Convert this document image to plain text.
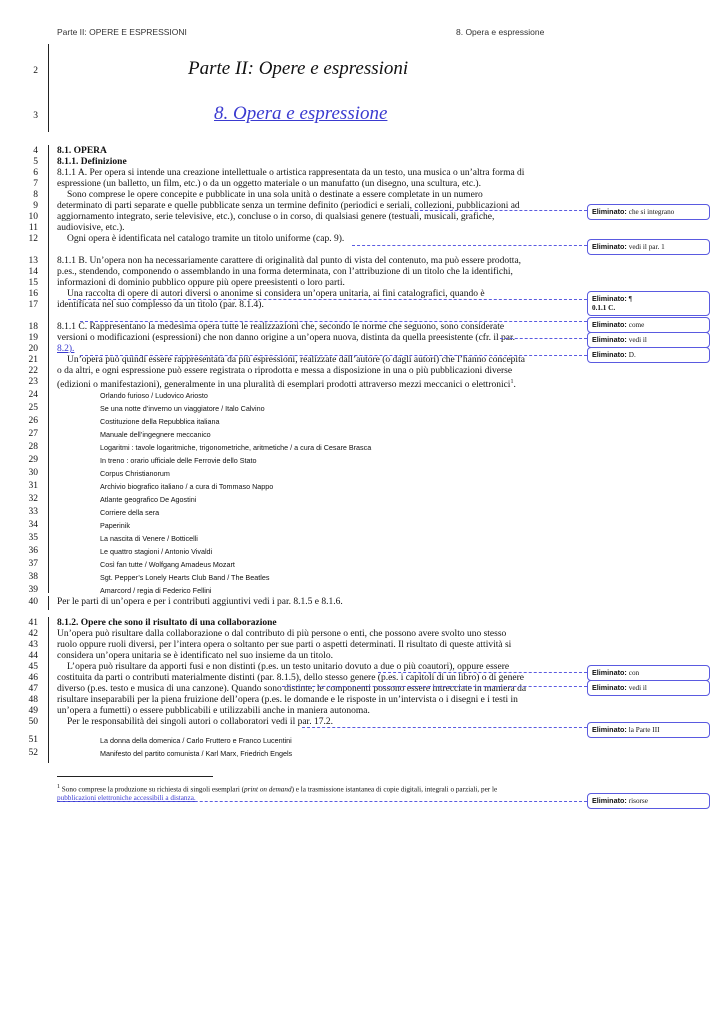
Parte II: OPERE E ESPRESSIONI	8. Opera e espressione
2
3
4
5
6
7
8
9
10
11
12
13
14
15
16
17
18
19
20
21
22
23
24
25
26
27
28
29
30
31
32
33
34
35
36
37
38
39
40
41
42
43
44
45
46
47
48
49
50
51
52
Parte II: Opere e espressioni
8. Opera e espressione
8.1. OPERA
8.1.1. Definizione
8.1.1 A. Per opera si intende una creazione intellettuale o artistica rappresentata da un testo, una musica o un’altra forma di
espressione (un balletto, un film, etc.) o da un oggetto materiale o un manufatto (un disegno, una scultura, etc.).
Sono comprese le opere concepite e pubblicate in una sola unità o destinate a essere completate in un numero
determinato di parti separate e quelle pubblicate senza un termine definito (periodici e seriali, collezioni, pubblicazioni ad
aggiornamento integrato, serie televisive, etc.), concluse o in corso, di qualsiasi genere (testuali, musicali, grafiche,
audiovisive, etc.).
Ogni opera è identificata nel catalogo tramite un titolo uniforme (cap. 9).
8.1.1 B. Un’opera non ha necessariamente carattere di originalità dal punto di vista del contenuto, ma può essere prodotta,
p.es., stendendo, componendo o assemblando in una forma determinata, con l’attribuzione di un titolo che la identifichi,
informazioni di dominio pubblico oppure più opere preesistenti o loro parti.
Una raccolta di opere di autori diversi o anonime si considera un’opera unitaria, ai fini catalografici, quando è
identificata nel suo complesso da un titolo (par. 8.1.4).
8.1.1 C. Rappresentano la medesima opera tutte le realizzazioni che, secondo le norme che seguono, sono considerate
versioni o modificazioni (espressioni) che non danno origine a un’opera nuova, distinta da quella preesistente (cfr. il par.
8.2).
Un’opera può quindi essere rappresentata da più espressioni, realizzate dall’autore (o dagli autori) che l’hanno concepita
o da altri, e ogni espressione può essere registrata o riprodotta e messa a disposizione in una o più pubblicazioni diverse
(edizioni o manifestazioni), generalmente in una pluralità di esemplari prodotti attraverso mezzi meccanici o elettronici$^1$.
Orlando furioso / Ludovico Ariosto
Se una notte d’inverno un viaggiatore / Italo Calvino
Costituzione della Repubblica italiana
Manuale dell’ingegnere meccanico
Logaritmi : tavole logaritmiche, trigonometriche, aritmetiche / a cura di Cesare Brasca
In treno : orario ufficiale delle Ferrovie dello Stato
Corpus Christianorum
Archivio biografico italiano / a cura di Tommaso Nappo
Atlante geografico De Agostini
Corriere della sera
Paperinik
La nascita di Venere / Botticelli
Le quattro stagioni / Antonio Vivaldi
Così fan tutte / Wolfgang Amadeus Mozart
Sgt. Pepper’s Lonely Hearts Club Band / The Beatles
Amarcord / regia di Federico Fellini
Per le parti di un’opera e per i contributi aggiuntivi vedi i par. 8.1.5 e 8.1.6.
8.1.2. Opere che sono il risultato di una collaborazione
Un’opera può risultare dalla collaborazione o dal contributo di più persone o enti, che possono avere svolto uno stesso
ruolo oppure ruoli diversi, per l’intera opera o soltanto per sue parti o aspetti determinati. Il risultato di queste attività si
considera un’opera unitaria se è identificato nel suo insieme da un titolo.
L’opera può risultare da apporti fusi e non distinti (p.es. un testo unitario dovuto a due o più coautori), oppure essere
costituita da parti o contributi materialmente distinti (par. 8.1.5), dello stesso genere (p.es. i capitoli di un libro) o di genere
diverso (p.es. testo e musica di una canzone). Quando sono distinte, le componenti possono essere intrecciate in maniera da
risultare inseparabili per la piena fruizione dell’opera (p.es. le domande e le risposte in un’intervista o i disegni e i testi in
un’opera a fumetti) o essere pubblicabili e utilizzabili anche in maniera autonoma.
Per le responsabilità dei singoli autori o collaboratori vedi il par. 17.2.
La donna della domenica / Carlo Fruttero e Franco Lucentini
Manifesto del partito comunista / Karl Marx, Friedrich Engels
$^1$ Sono comprese la produzione su richiesta di singoli esemplari (print on demand) e la trasmissione istantanea di copie digitali, integrali o parziali, per le
pubblicazioni elettroniche accessibili a distanza.
Eliminato: che si integrano
Eliminato: vedi il par. 1
Eliminato: ¶
0.1.1 C.
Eliminato: come
Eliminato: vedi il
Eliminato: D.
Eliminato: con
Eliminato: vedi il
Eliminato: la Parte III
Eliminato: risorse
